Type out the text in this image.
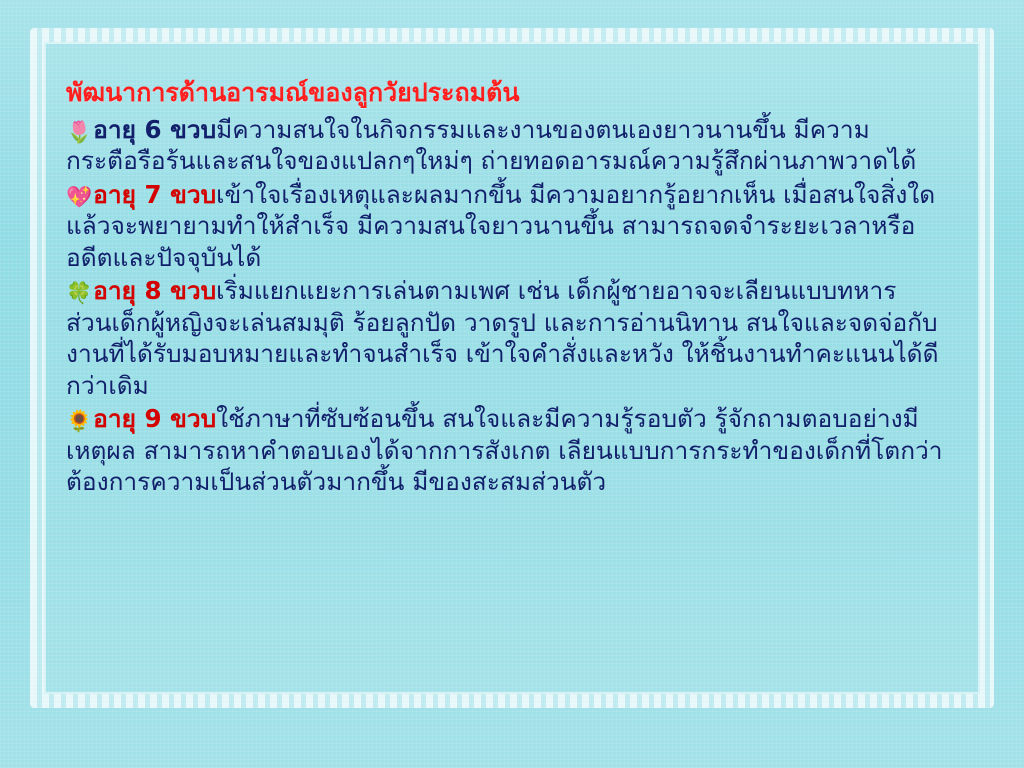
พัฒนาการด้านอารมณ์ของลูกวัยประถมต้น
🌷อายุ 6 ขวบมีความสนใจในกิจกรรมและงานของตนเองยาวนานขึ้น มีความกระตือรือร้นและสนใจของแปลกๆใหม่ๆ ถ่ายทอดอารมณ์ความรู้สึกผ่านภาพวาดได้
💖อายุ 7 ขวบเข้าใจเรื่องเหตุและผลมากขึ้น มีความอยากรู้อยากเห็น เมื่อสนใจสิ่งใดแล้วจะพยายามทำให้สำเร็จ มีความสนใจยาวนานขึ้น สามารถจดจำระยะเวลาหรืออดีตและปัจจุบันได้
🍀อายุ 8 ขวบเริ่มแยกแยะการเล่นตามเพศ เช่น เด็กผู้ชายอาจจะเลียนแบบทหาร ส่วนเด็กผู้หญิงจะเล่นสมมุติ ร้อยลูกปัด วาดรูป และการอ่านนิทาน สนใจและจดจ่อกับงานที่ได้รับมอบหมายและทำจนสำเร็จ เข้าใจคำสั่งและหวัง ให้ชิ้นงานทำคะแนนได้ดีกว่าเดิม
🌻อายุ 9 ขวบใช้ภาษาที่ซับซ้อนขึ้น สนใจและมีความรู้รอบตัว รู้จักถามตอบอย่างมีเหตุผล สามารถหาคำตอบเองได้จากการสังเกต เลียนแบบการกระทำของเด็กที่โตกว่า ต้องการความเป็นส่วนตัวมากขึ้น มีของสะสมส่วนตัว
